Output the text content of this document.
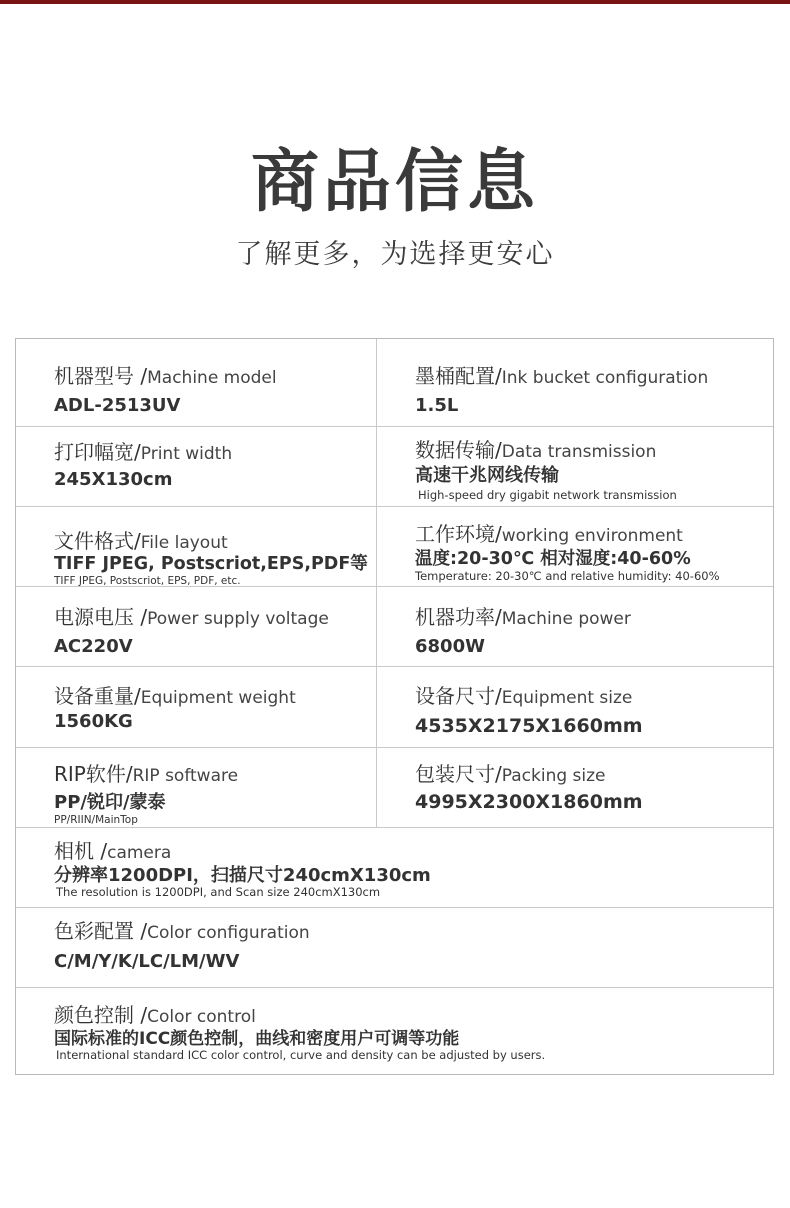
商品信息
了解更多，为选择更安心
机器型号 /Machine model
ADL-2513UV
墨桶配置/Ink bucket configuration
1.5L
打印幅宽/Print width
245X130cm
数据传输/Data transmission
高速干兆网线传输
High-speed dry gigabit network transmission
文件格式/File layout
TIFF JPEG, Postscriot,EPS,PDF等
TIFF JPEG, Postscriot, EPS, PDF, etc.
工作环境/working environment
温度:20-30℃ 相对湿度:40-60%
Temperature: 20-30℃ and relative humidity: 40-60%
电源电压 /Power supply voltage
AC220V
机器功率/Machine power
6800W
设备重量/Equipment weight
1560KG
设备尺寸/Equipment size
4535X2175X1660mm
RIP软件/RIP software
PP/锐印/蒙泰
PP/RIIN/MainTop
包装尺寸/Packing size
4995X2300X1860mm
相机 /camera
分辨率1200DPI，扫描尺寸240cmX130cm
The resolution is 1200DPI, and Scan size 240cmX130cm
色彩配置 /Color configuration
C/M/Y/K/LC/LM/WV
颜色控制 /Color control
国际标准的ICC颜色控制，曲线和密度用户可调等功能
International standard ICC color control, curve and density can be adjusted by users.
